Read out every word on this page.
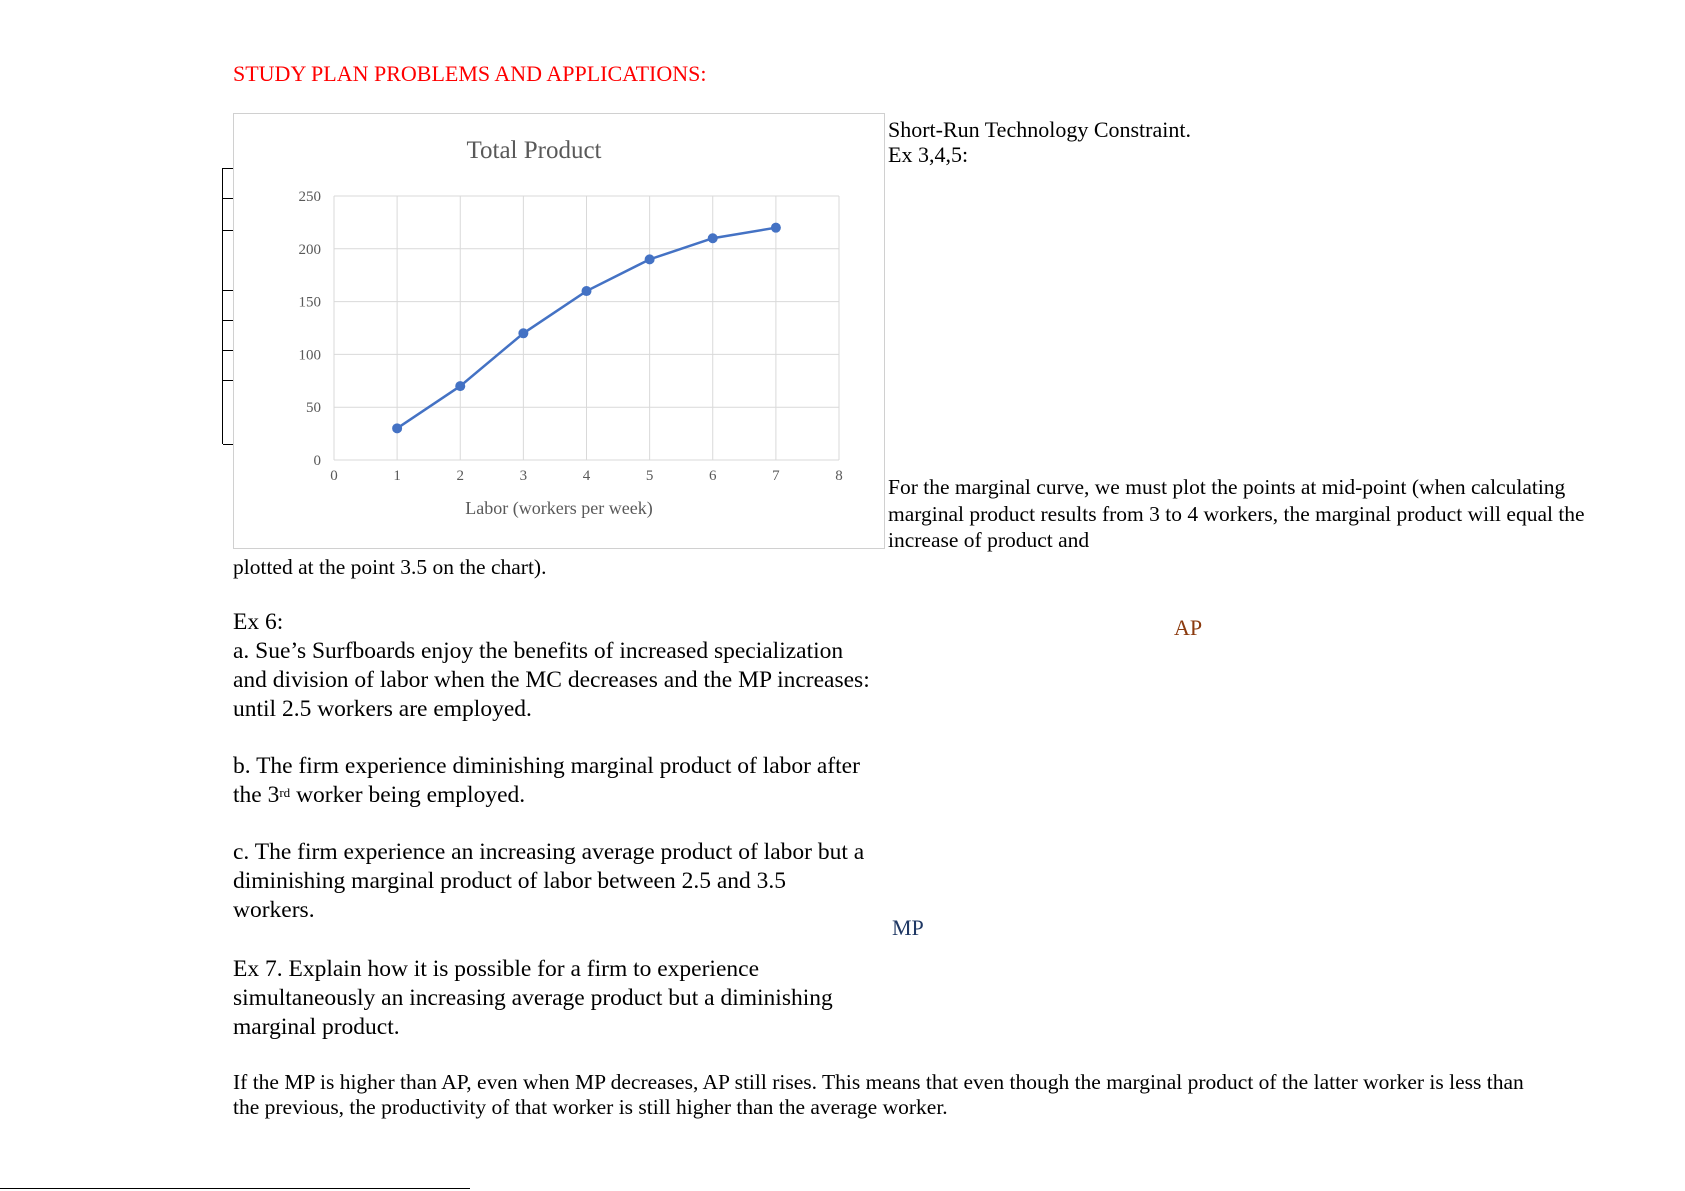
STUDY PLAN PROBLEMS AND APPLICATIONS:
0	1	2	3	4	5	6	7	8
0
50
100
150
200
250
Total Product
Labor (workers per week)
Short-Run Technology Constraint.
Ex 3,4,5:
For the marginal curve, we must plot the points at mid-point (when calculating marginal product results from 3 to 4 workers, the marginal product will equal the increase of product and
plotted at the point 3.5 on the chart).

Ex 6:

a. Sue’s Surfboards enjoy the benefits of increased specialization and division of labor when the MC decreases and the MP increases: until 2.5 workers are employed.

b. The firm experience diminishing marginal product of labor after the 3rd worker being employed.

c. The firm experience an increasing average product of labor but a diminishing marginal product of labor between 2.5 and 3.5 workers.

AP
MP
Ex 7. Explain how it is possible for a firm to experience simultaneously an increasing average product but a diminishing marginal product.
If the MP is higher than AP, even when MP decreases, AP still rises. This means that even though the marginal product of the latter worker is less than the previous, the productivity of that worker is still higher than the average worker.
